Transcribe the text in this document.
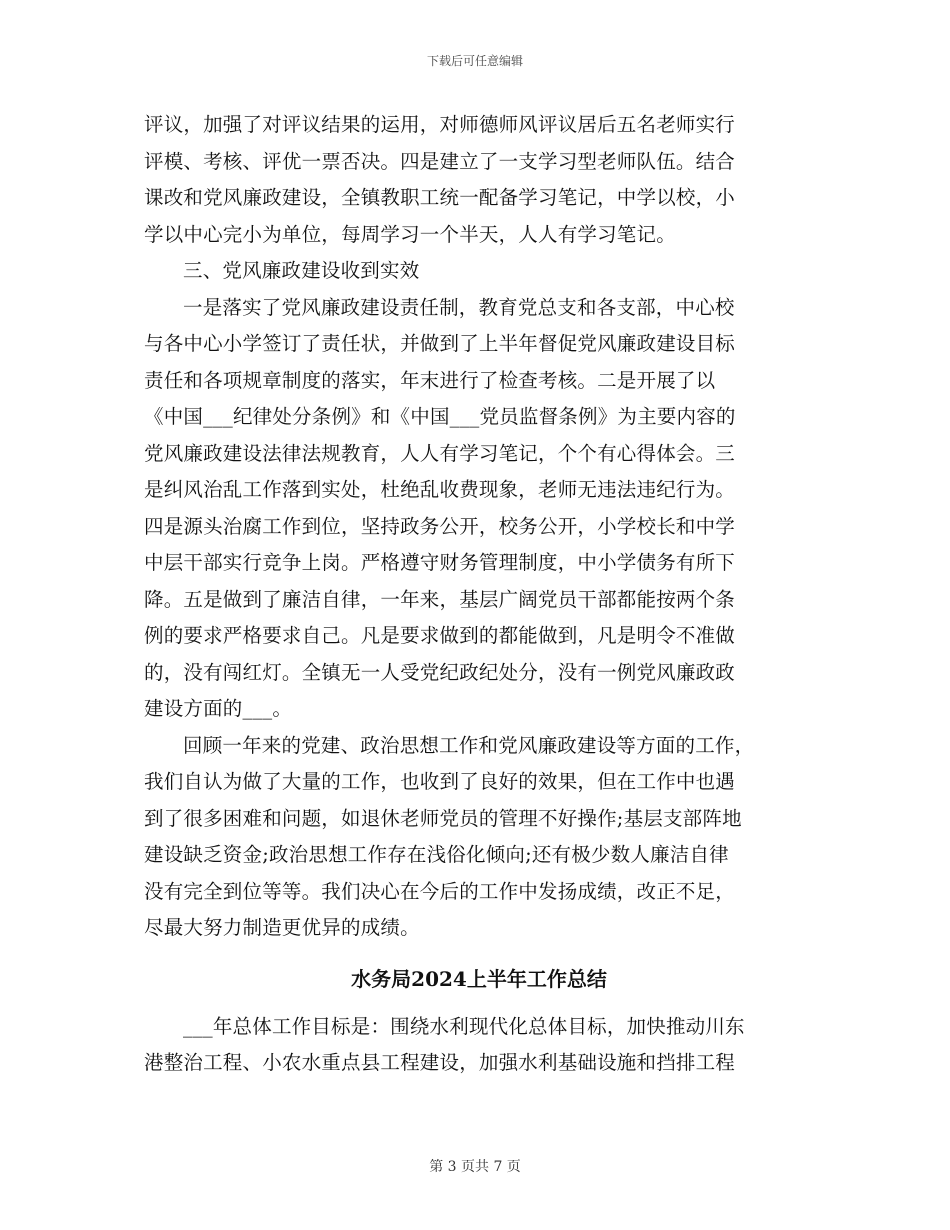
下载后可任意编辑
评议，加强了对评议结果的运用，对师德师风评议居后五名老师实行
评模、考核、评优一票否决。四是建立了一支学习型老师队伍。结合
课改和党风廉政建设，全镇教职工统一配备学习笔记，中学以校，小
学以中心完小为单位，每周学习一个半天，人人有学习笔记。
三、党风廉政建设收到实效
一是落实了党风廉政建设责任制，教育党总支和各支部，中心校
与各中心小学签订了责任状，并做到了上半年督促党风廉政建设目标
责任和各项规章制度的落实，年末进行了检查考核。二是开展了以
《中国___纪律处分条例》和《中国___党员监督条例》为主要内容的
党风廉政建设法律法规教育，人人有学习笔记，个个有心得体会。三
是纠风治乱工作落到实处，杜绝乱收费现象，老师无违法违纪行为。
四是源头治腐工作到位，坚持政务公开，校务公开，小学校长和中学
中层干部实行竞争上岗。严格遵守财务管理制度，中小学债务有所下
降。五是做到了廉洁自律，一年来，基层广阔党员干部都能按两个条
例的要求严格要求自己。凡是要求做到的都能做到，凡是明令不准做
的，没有闯红灯。全镇无一人受党纪政纪处分，没有一例党风廉政政
建设方面的___。
回顾一年来的党建、政治思想工作和党风廉政建设等方面的工作，
我们自认为做了大量的工作，也收到了良好的效果，但在工作中也遇
到了很多困难和问题，如退休老师党员的管理不好操作;基层支部阵地
建设缺乏资金;政治思想工作存在浅俗化倾向;还有极少数人廉洁自律
没有完全到位等等。我们决心在今后的工作中发扬成绩，改正不足，
尽最大努力制造更优异的成绩。
水务局2024上半年工作总结
___年总体工作目标是：围绕水利现代化总体目标，加快推动川东
港整治工程、小农水重点县工程建设，加强水利基础设施和挡排工程
第 3 页共 7 页
